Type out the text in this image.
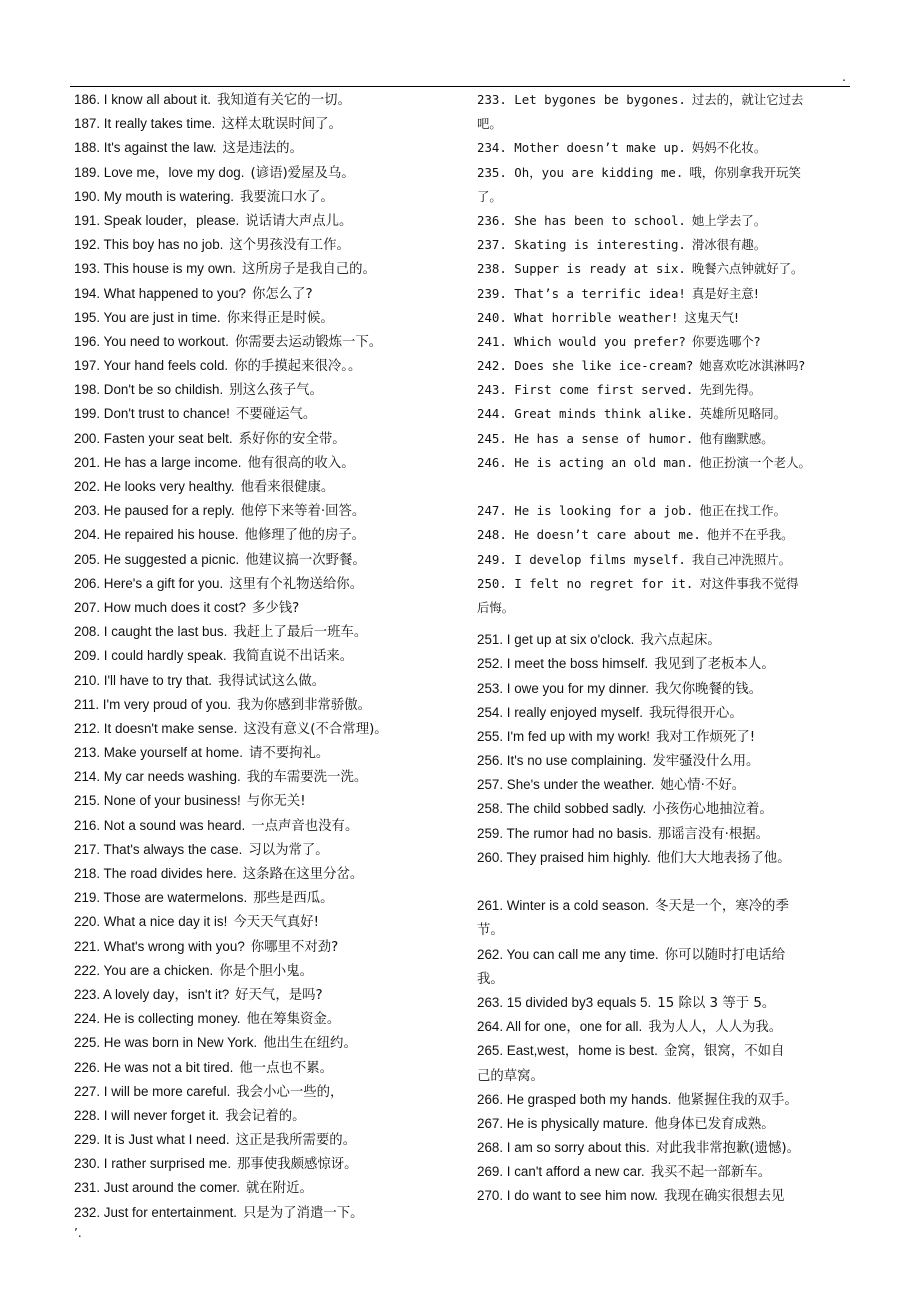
.
186. I know all about it. 我知道有关它的一切。
187. It really takes time. 这样太耽误时间了。
188. It's against the law. 这是违法的。
189. Love me，love my dog. (谚语)爱屋及乌。
190. My mouth is watering. 我要流口水了。
191. Speak louder，please. 说话请大声点儿。
192. This boy has no job. 这个男孩没有工作。
193. This house is my own. 这所房子是我自己的。
194. What happened to you? 你怎么了?
195. You are just in time. 你来得正是时候。
196. You need to workout. 你需要去运动锻炼一下。
197. Your hand feels cold. 你的手摸起来很冷。。
198. Don't be so childish. 别这么孩子气。
199. Don't trust to chance! 不要碰运气。
200. Fasten your seat belt. 系好你的安全带。
201. He has a large income. 他有很高的收入。
202. He looks very healthy. 他看来很健康。
203. He paused for a reply. 他停下来等着·回答。
204. He repaired his house. 他修理了他的房子。
205. He suggested a picnic. 他建议搞一次野餐。
206. Here's a gift for you. 这里有个礼物送给你。
207. How much does it cost? 多少钱?
208. I caught the last bus. 我赶上了最后一班车。
209. I could hardly speak. 我简直说不出话来。
210. I'll have to try that. 我得试试这么做。
211. I'm very proud of you. 我为你感到非常骄傲。
212. It doesn't make sense. 这没有意义(不合常理)。
213. Make yourself at home. 请不要拘礼。
214. My car needs washing. 我的车需要洗一洗。
215. None of your business! 与你无关!
216. Not a sound was heard. 一点声音也没有。
217. That's always the case. 习以为常了。
218. The road divides here. 这条路在这里分岔。
219. Those are watermelons. 那些是西瓜。
220. What a nice day it is! 今天天气真好!
221. What's wrong with you? 你哪里不对劲?
222. You are a chicken. 你是个胆小鬼。
223. A lovely day，isn't it? 好天气，是吗?
224. He is collecting money. 他在筹集资金。
225. He was born in New York. 他出生在纽约。
226. He was not a bit tired. 他一点也不累。
227. I will be more careful. 我会小心一些的，
228. I will never forget it. 我会记着的。
229. It is Just what I need. 这正是我所需要的。
230. I rather surprised me. 那事使我颇感惊讶。
231. Just around the comer. 就在附近。
232. Just for entertainment. 只是为了消遣一下。
233. Let bygones be bygones. 过去的，就让它过去
吧。
234. Mother doesn’t make up. 妈妈不化妆。
235. Oh，you are kidding me. 哦，你别拿我开玩笑
了。
236. She has been to school. 她上学去了。
237. Skating is interesting. 滑冰很有趣。
238. Supper is ready at six. 晚餐六点钟就好了。
239. That’s a terrific idea! 真是好主意!
240. What horrible weather! 这鬼天气!
241. Which would you prefer? 你要选哪个?
242. Does she like ice-cream? 她喜欢吃冰淇淋吗?
243. First come first served. 先到先得。
244. Great minds think alike. 英雄所见略同。
245. He has a sense of humor. 他有幽默感。
246. He is acting an old man. 他正扮演一个老人。
247. He is looking for a job. 他正在找工作。
248. He doesn’t care about me. 他并不在乎我。
249. I develop films myself. 我自己冲洗照片。
250. I felt no regret for it. 对这件事我不觉得
后悔。
251. I get up at six o'clock. 我六点起床。
252. I meet the boss himself. 我见到了老板本人。
253. I owe you for my dinner. 我欠你晚餐的钱。
254. I really enjoyed myself. 我玩得很开心。
255. I'm fed up with my work! 我对工作烦死了!
256. It's no use complaining. 发牢骚没什么用。
257. She's under the weather. 她心情·不好。
258. The child sobbed sadly. 小孩伤心地抽泣着。
259. The rumor had no basis. 那谣言没有·根据。
260. They praised him highly. 他们大大地表扬了他。
261. Winter is a cold season. 冬天是一个，寒冷的季
节。
262. You can call me any time. 你可以随时打电话给
我。
263. 15 divided by3 equals 5. 15 除以 3 等于 5。
264. All for one，one for all. 我为人人，人人为我。
265. East,west，home is best. 金窝，银窝，不如自
己的草窝。
266. He grasped both my hands. 他紧握住我的双手。
267. He is physically mature. 他身体已发育成熟。
268. I am so sorry about this. 对此我非常抱歉(遗憾)。
269. I can't afford a new car. 我买不起一部新车。
270. I do want to see him now. 我现在确实很想去见
’.
